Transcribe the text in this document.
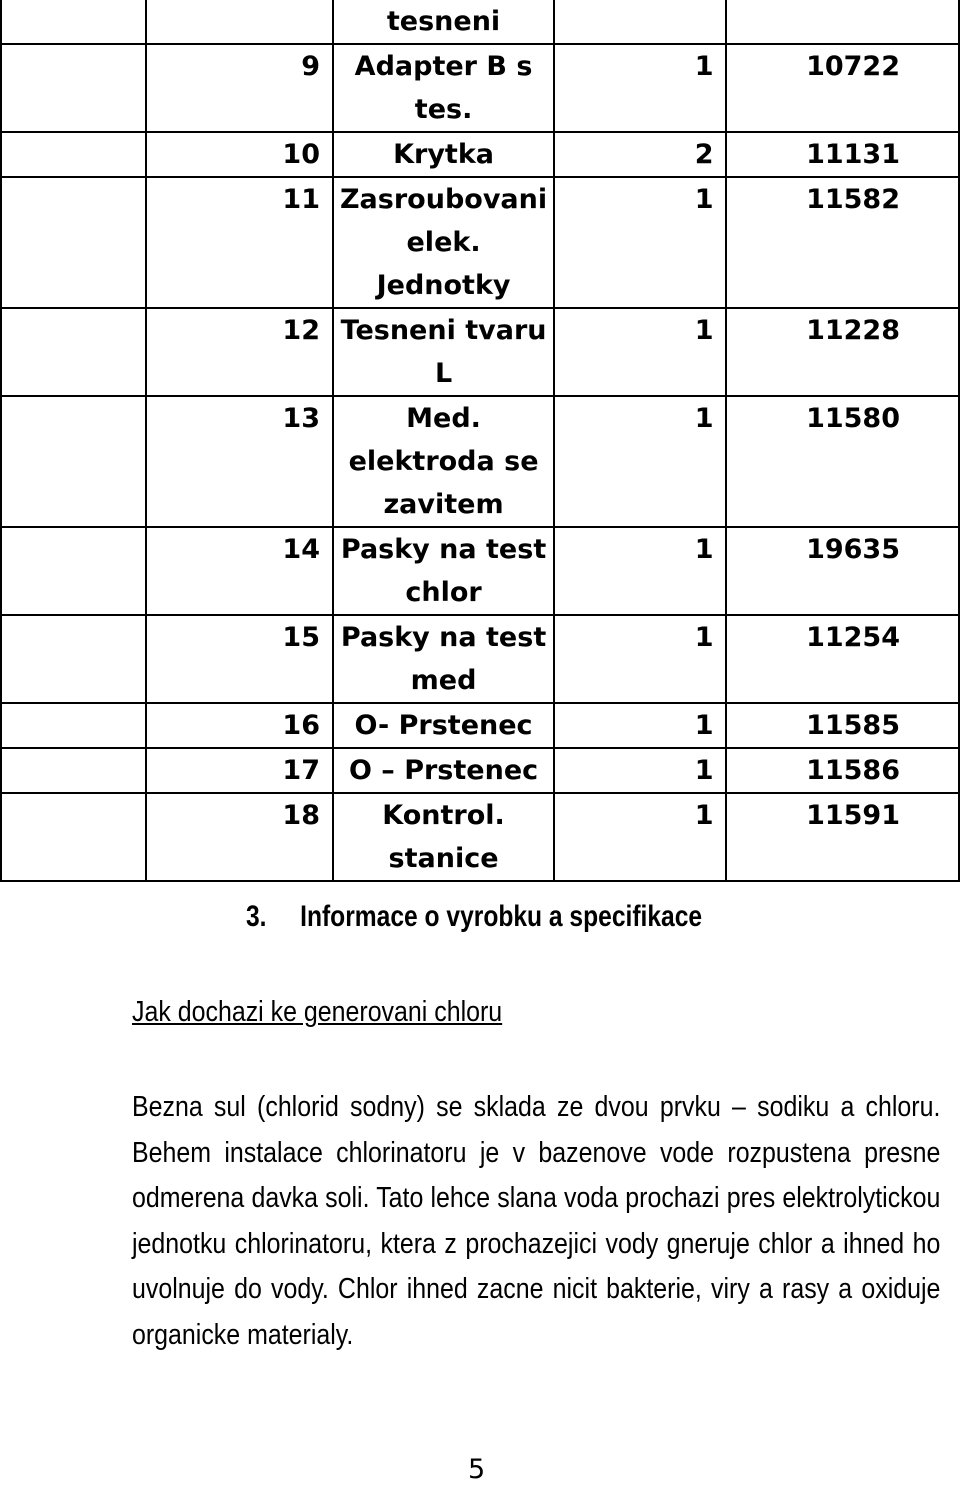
		tesneni		
	9	Adapter B s tes.	1	10722
	10	Krytka	2	11131
	11	Zasroubovani elek. Jednotky	1	11582
	12	Tesneni tvaru L	1	11228
	13	Med. elektroda se zavitem	1	11580
	14	Pasky na test chlor	1	19635
	15	Pasky na test med	1	11254
	16	O- Prstenec	1	11585
	17	O – Prstenec	1	11586
	18	Kontrol. stanice	1	11591
3. Informace o vyrobku a specifikace
Jak dochazi ke generovani chloru
Bezna sul (chlorid sodny) se sklada ze dvou prvku – sodiku a chloru. Behem instalace chlorinatoru je v bazenove vode rozpustena presne odmerena davka soli. Tato lehce slana voda prochazi pres elektrolytickou jednotku chlorinatoru, ktera z prochazejici vody gneruje chlor a ihned ho uvolnuje do vody. Chlor ihned zacne nicit bakterie, viry a rasy a oxiduje organicke materialy.
5
